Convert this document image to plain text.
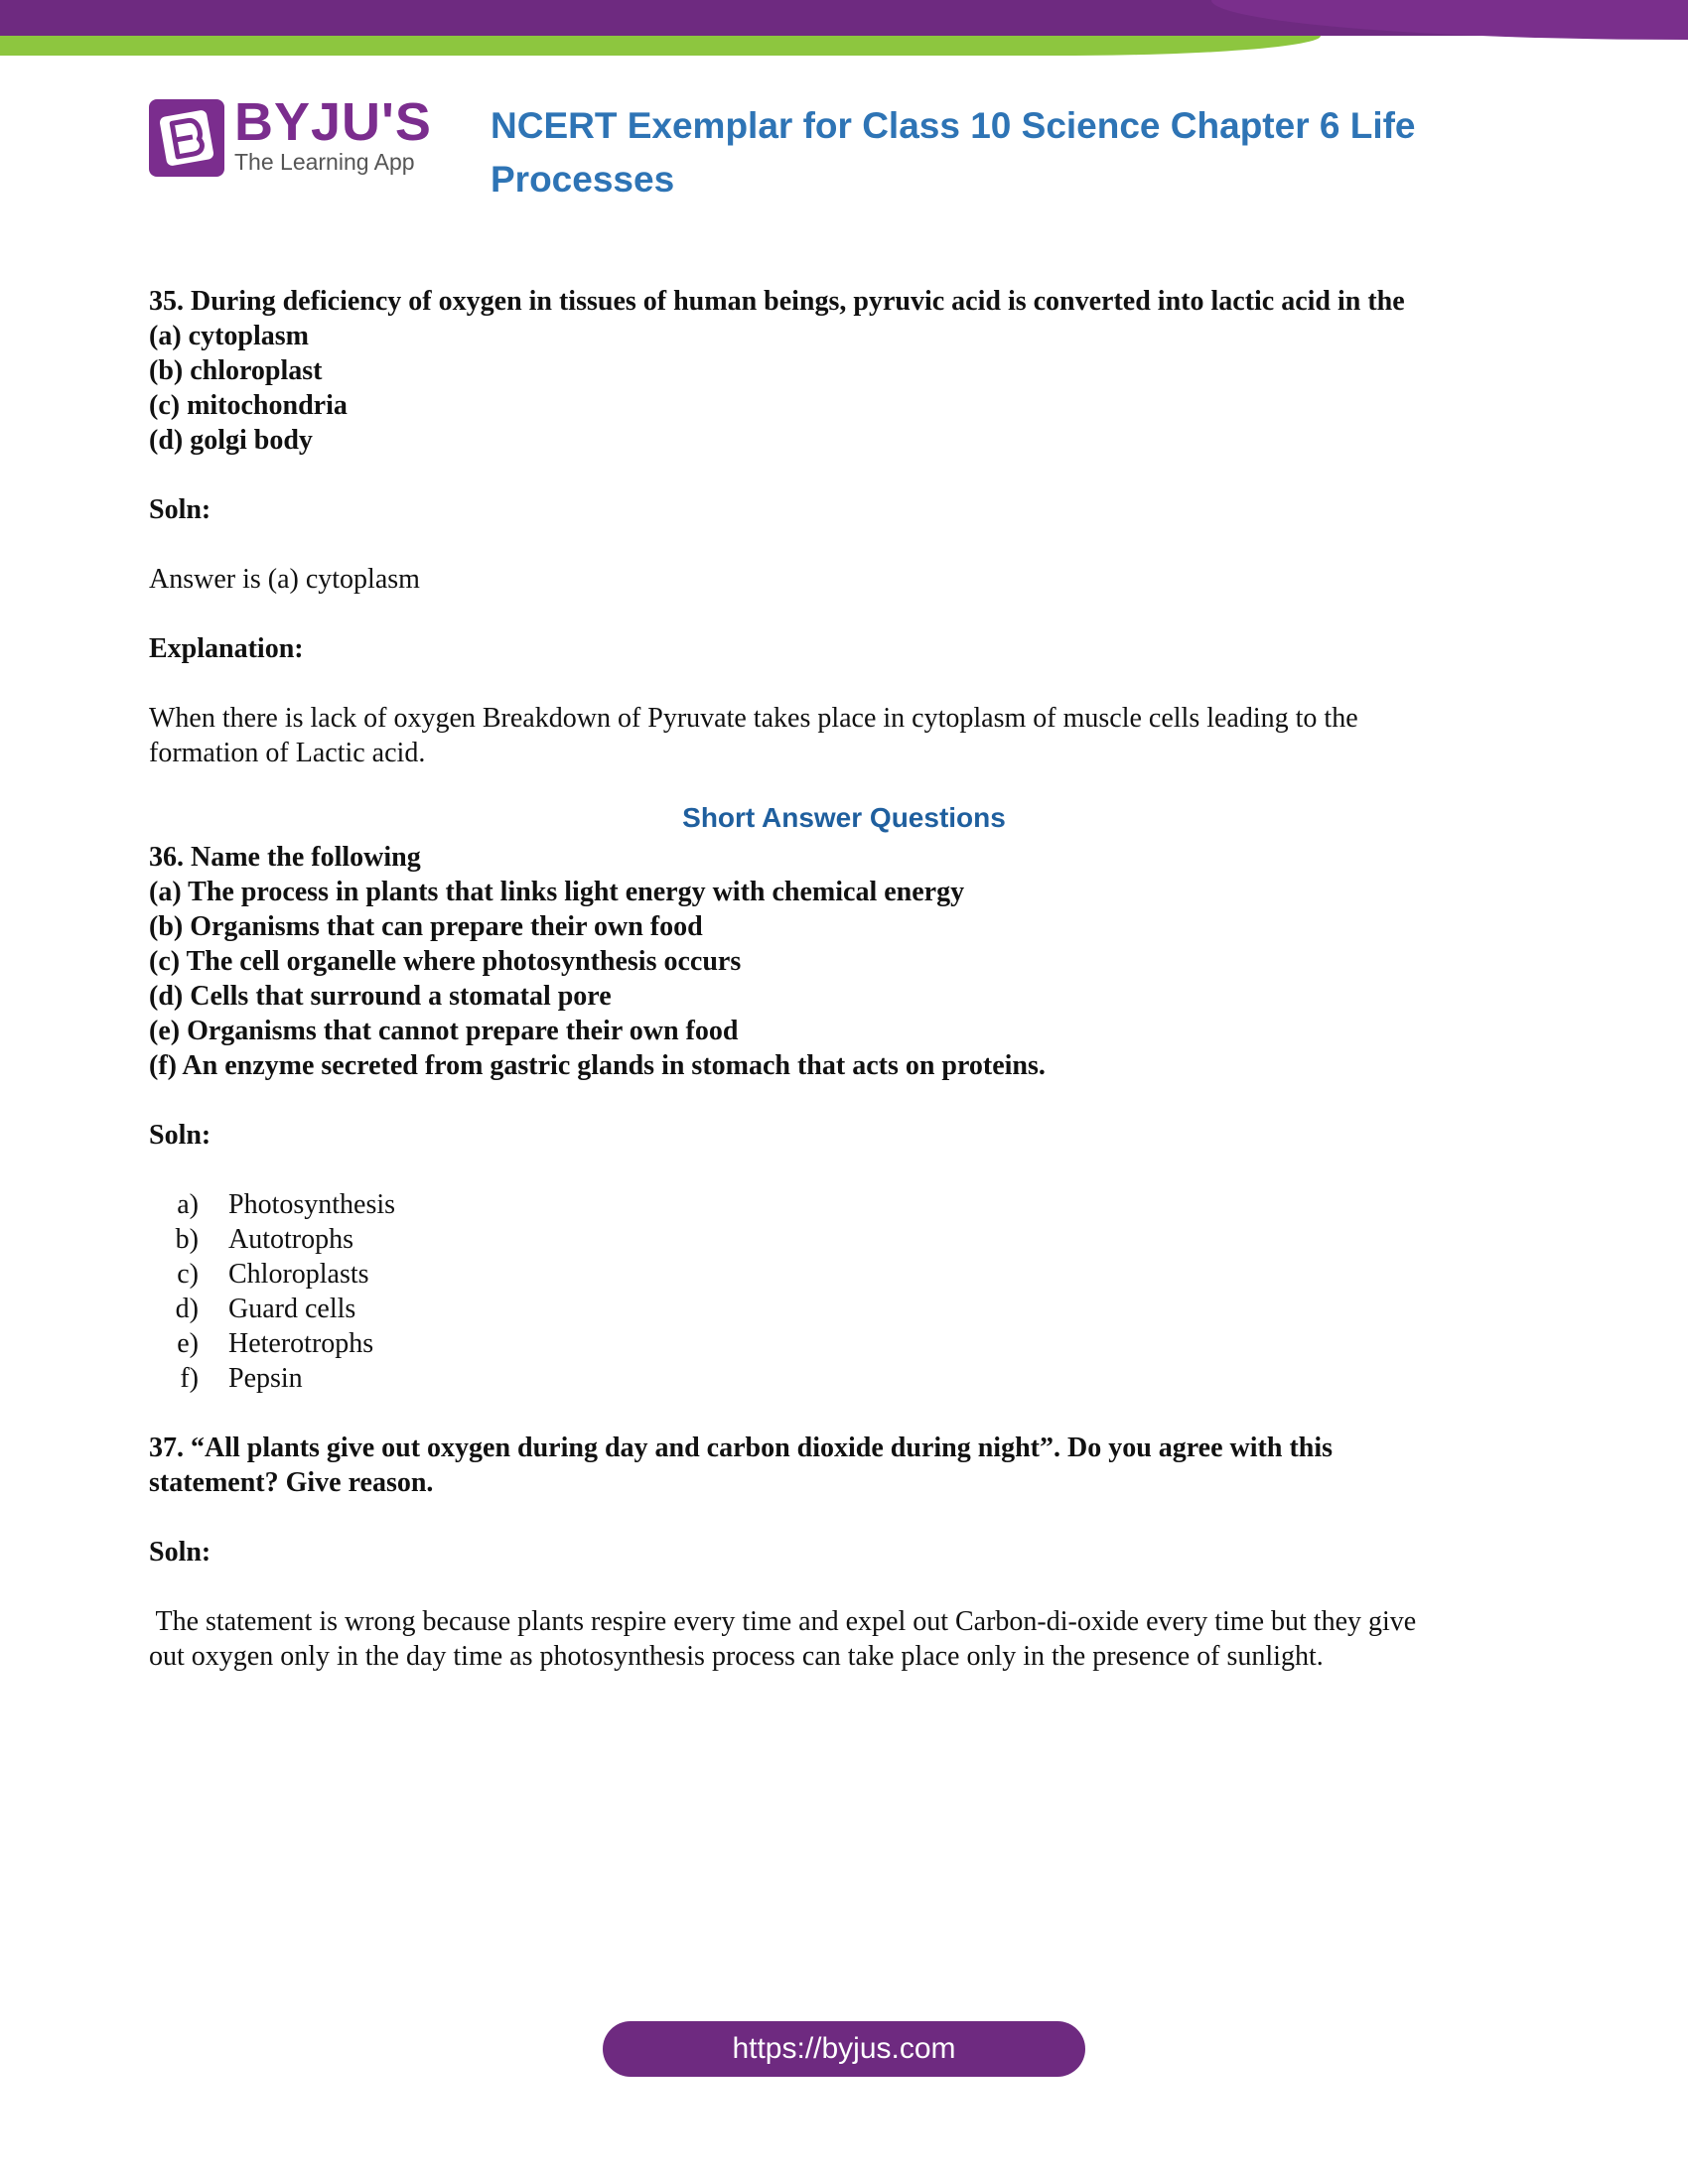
BYJU'S
The Learning App
NCERT Exemplar for Class 10 Science Chapter 6 Life Processes

35. During deficiency of oxygen in tissues of human beings, pyruvic acid is converted into lactic acid in the

(a) cytoplasm

(b) chloroplast

(c) mitochondria

(d) golgi body

Soln:

Answer is (a) cytoplasm

Explanation:

When there is lack of oxygen Breakdown of Pyruvate takes place in cytoplasm of muscle cells leading to the

formation of Lactic acid.

Short Answer Questions

36. Name the following

(a) The process in plants that links light energy with chemical energy

(b) Organisms that can prepare their own food

(c) The cell organelle where photosynthesis occurs

(d) Cells that surround a stomatal pore

(e) Organisms that cannot prepare their own food

(f) An enzyme secreted from gastric glands in stomach that acts on proteins.

Soln:

a) Photosynthesis
b) Autotrophs
c) Chloroplasts
d) Guard cells
e) Heterotrophs
f) Pepsin

37. “All plants give out oxygen during day and carbon dioxide during night”. Do you agree with this

statement? Give reason.

Soln:

The statement is wrong because plants respire every time and expel out Carbon-di-oxide every time but they give

out oxygen only in the day time as photosynthesis process can take place only in the presence of sunlight.

https://byjus.com
